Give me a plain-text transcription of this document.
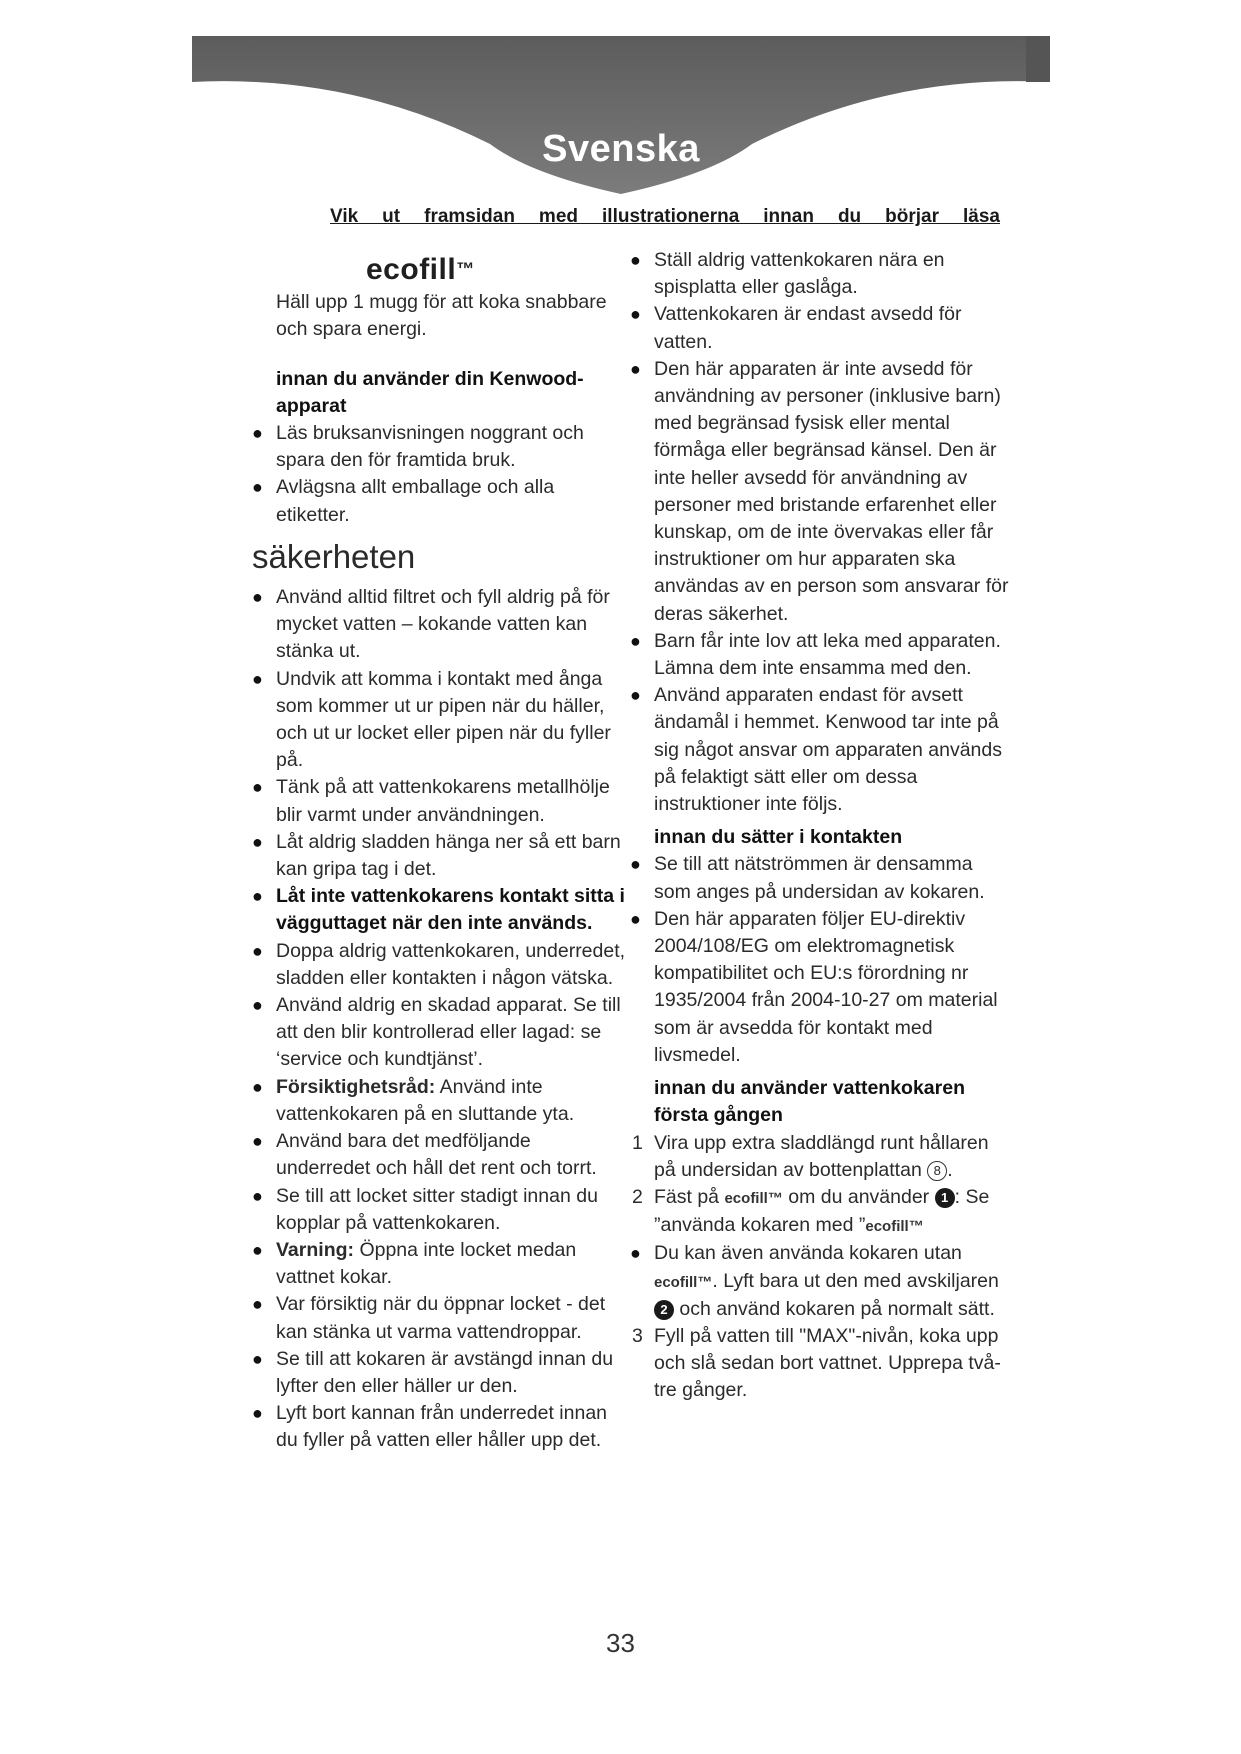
Svenska
Vik ut framsidan med illustrationerna innan du börjar läsa
ecofill™

Häll upp 1 mugg för att koka snabbare och spara energi.

innan du använder din Kenwood-apparat

● Läs bruksanvisningen noggrant och spara den för framtida bruk.
● Avlägsna allt emballage och alla etiketter.
säkerheten
● Använd alltid filtret och fyll aldrig på för mycket vatten – kokande vatten kan stänka ut.
● Undvik att komma i kontakt med ånga som kommer ut ur pipen när du häller, och ut ur locket eller pipen när du fyller på.
● Tänk på att vattenkokarens metallhölje blir varmt under användningen.
● Låt aldrig sladden hänga ner så ett barn kan gripa tag i det.
● Låt inte vattenkokarens kontakt sitta i vägguttaget när den inte används.
● Doppa aldrig vattenkokaren, underredet, sladden eller kontakten i någon vätska.
● Använd aldrig en skadad apparat. Se till att den blir kontrollerad eller lagad: se ‘service och kundtjänst’.
● Försiktighetsråd: Använd inte vattenkokaren på en sluttande yta.
● Använd bara det medföljande underredet och håll det rent och torrt.
● Se till att locket sitter stadigt innan du kopplar på vattenkokaren.
● Varning: Öppna inte locket medan vattnet kokar.
● Var försiktig när du öppnar locket - det kan stänka ut varma vattendroppar.
● Se till att kokaren är avstängd innan du lyfter den eller häller ur den.
● Lyft bort kannan från underredet innan du fyller på vatten eller håller upp det.
● Ställ aldrig vattenkokaren nära en spisplatta eller gaslåga.
● Vattenkokaren är endast avsedd för vatten.
● Den här apparaten är inte avsedd för användning av personer (inklusive barn) med begränsad fysisk eller mental förmåga eller begränsad känsel. Den är inte heller avsedd för användning av personer med bristande erfarenhet eller kunskap, om de inte övervakas eller får instruktioner om hur apparaten ska användas av en person som ansvarar för deras säkerhet.
● Barn får inte lov att leka med apparaten. Lämna dem inte ensamma med den.
● Använd apparaten endast för avsett ändamål i hemmet. Kenwood tar inte på sig något ansvar om apparaten används på felaktigt sätt eller om dessa instruktioner inte följs.

innan du sätter i kontakten

● Se till att nätströmmen är densamma som anges på undersidan av kokaren.
● Den här apparaten följer EU-direktiv 2004/108/EG om elektromagnetisk kompatibilitet och EU:s förordning nr 1935/2004 från 2004-10-27 om material som är avsedda för kontakt med livsmedel.

innan du använder vattenkokaren första gången

1 Vira upp extra sladdlängd runt hållaren på undersidan av bottenplattan 8 .
2 Fäst på ecofill™ om du använder 1 : Se ”använda kokaren med ”ecofill™
● Du kan även använda kokaren utan ecofill™. Lyft bara ut den med avskiljaren 2 och använd kokaren på normalt sätt.
3 Fyll på vatten till "MAX"-nivån, koka upp och slå sedan bort vattnet. Upprepa två-tre gånger.
33
